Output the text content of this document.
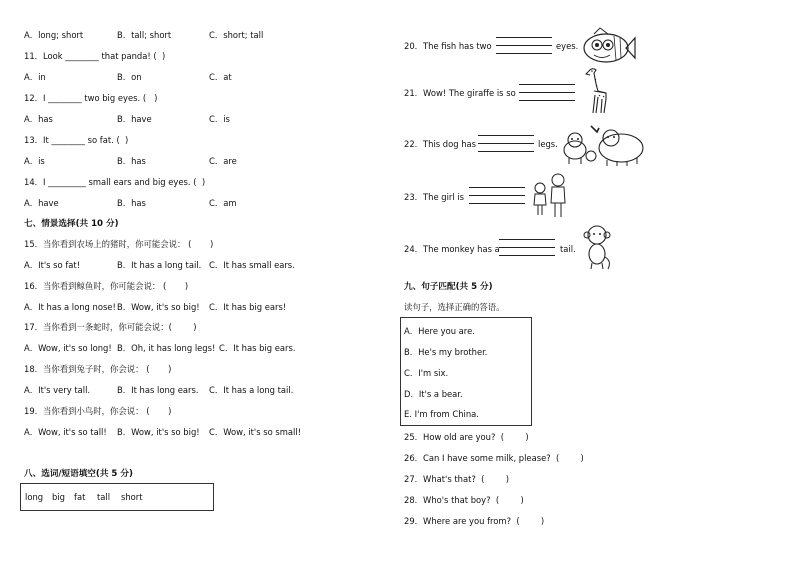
A．long; short	B．tall; short	C．short; tall
11．Look ________ that panda! (  )
A．in	B．on	C．at
12．I ________ two big eyes. (   )
A．has	B．have	C．is
13．It ________ so fat. (  )
A．is	B．has	C．are
14．I _________ small ears and big eyes. (  )
A．have	B．has	C．am
七、情景选择(共 10 分)
15．当你看到农场上的猪时，你可能会说： (       )
A．It's so fat!	B．It has a long tail. C．It has small ears.
16．当你看到鲸鱼时，你可能会说： (       )
A．It has a long nose! B．Wow, it's so big! C．It has big ears!
17．当你看到一条蛇时，你可能会说：(        )
A．Wow, it's so long! B．Oh, it has long legs! C．It has big ears.
18．当你看到兔子时，你会说： (       )
A．It's very tall.	B．It has long ears. C．It has a long tail.
19．当你看到小鸟时，你会说： (       )
A．Wow, it's so tall! B．Wow, it's so big! C．Wow, it's so small!
八、选词/短语填空(共 5 分)
long big fat tall short
20．The fish has two	eyes.
21．Wow! The giraffe is so
22．This dog has	legs.
23．The girl is
24．The monkey has a	tail.
九、句子匹配(共 5 分)
读句子，选择正确的答语。
A．Here you are.
B．He's my brother.
C．I'm six.
D．It's a bear.
E. I'm from China.
25．How old are you?  (        )
26．Can I have some milk, please?  (        )
27．What's that?  (        )
28．Who's that boy?  (        )
29．Where are you from?  (        )
